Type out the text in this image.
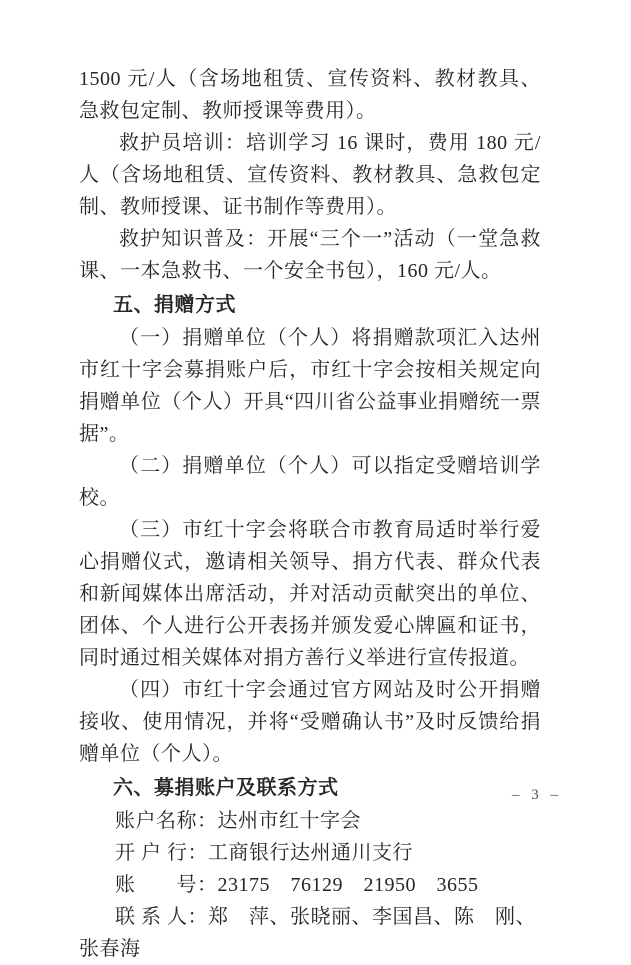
1500 元/人（含场地租赁、宣传资料、教材教具、急救包定制、教师授课等费用）。

救护员培训：培训学习 16 课时，费用 180 元/人（含场地租赁、宣传资料、教材教具、急救包定制、教师授课、证书制作等费用）。

救护知识普及：开展“三个一”活动（一堂急救课、一本急救书、一个安全书包），160 元/人。

五、捐赠方式

（一）捐赠单位（个人）将捐赠款项汇入达州市红十字会募捐账户后，市红十字会按相关规定向捐赠单位（个人）开具“四川省公益事业捐赠统一票据”。

（二）捐赠单位（个人）可以指定受赠培训学校。

（三）市红十字会将联合市教育局适时举行爱心捐赠仪式，邀请相关领导、捐方代表、群众代表和新闻媒体出席活动，并对活动贡献突出的单位、团体、个人进行公开表扬并颁发爱心牌匾和证书，同时通过相关媒体对捐方善行义举进行宣传报道。

（四）市红十字会通过官方网站及时公开捐赠接收、使用情况，并将“受赠确认书”及时反馈给捐赠单位（个人）。

六、募捐账户及联系方式

账户名称：达州市红十字会

开 户 行：工商银行达州通川支行

账　　号：23175　76129　21950　3655

联 系 人：郑　萍、张晓丽、李国昌、陈　刚、张春海

– 3 –
